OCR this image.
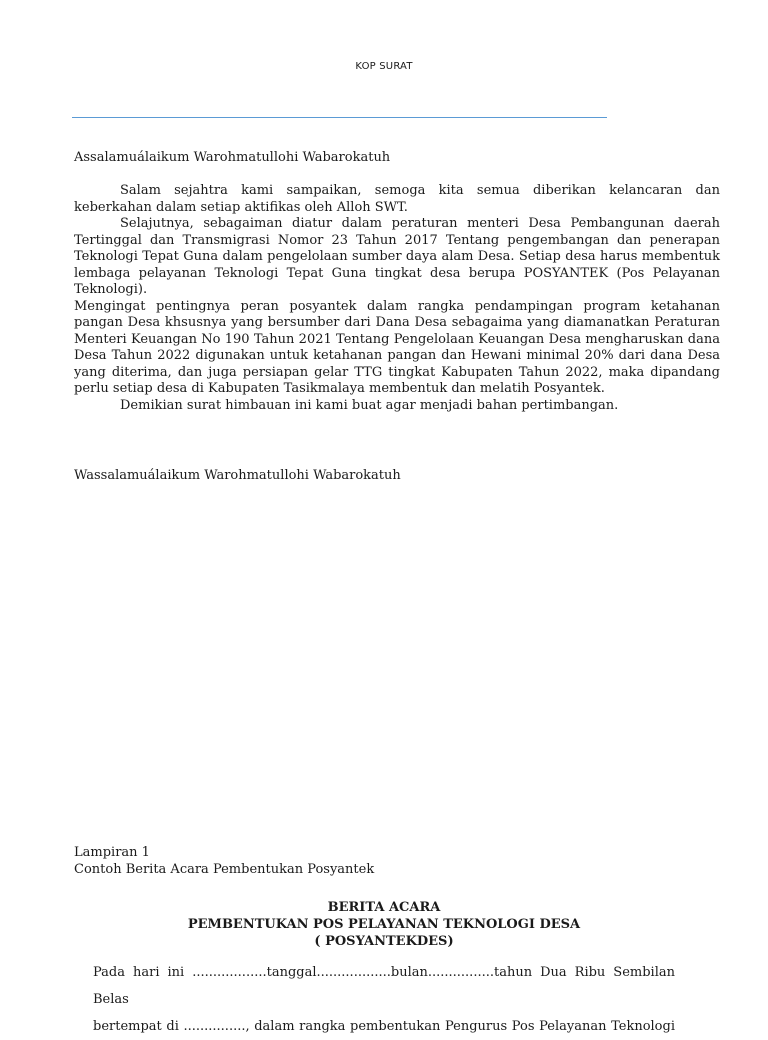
KOP SURAT
Assalamuálaikum Warohmatullohi Wabarokatuh

Salam sejahtra kami sampaikan, semoga kita semua diberikan kelancaran dan keberkahan dalam setiap aktifikas oleh Alloh SWT.

Selajutnya, sebagaiman diatur dalam peraturan menteri Desa Pembangunan daerah Tertinggal dan Transmigrasi Nomor 23 Tahun 2017 Tentang pengembangan dan penerapan Teknologi Tepat Guna dalam pengelolaan sumber daya alam Desa. Setiap desa harus membentuk lembaga pelayanan Teknologi Tepat Guna tingkat desa berupa POSYANTEK (Pos Pelayanan Teknologi).

Mengingat pentingnya peran posyantek dalam rangka pendampingan program ketahanan pangan Desa khsusnya yang bersumber dari Dana Desa sebagaima yang diamanatkan Peraturan Menteri Keuangan No 190 Tahun 2021 Tentang Pengelolaan Keuangan Desa mengharuskan dana Desa Tahun 2022 digunakan untuk ketahanan pangan dan Hewani minimal 20% dari dana Desa yang diterima, dan juga persiapan gelar TTG tingkat Kabupaten Tahun 2022, maka dipandang perlu setiap desa di Kabupaten Tasikmalaya membentuk dan melatih Posyantek.

Demikian surat himbauan ini kami buat agar menjadi bahan pertimbangan.

Wassalamuálaikum Warohmatullohi Wabarokatuh

Lampiran 1

Contoh Berita Acara Pembentukan Posyantek

BERITA ACARA
PEMBENTUKAN POS PELAYANAN TEKNOLOGI DESA
( POSYANTEKDES)
Pada hari ini ..................tanggal..................bulan................tahun Dua Ribu Sembilan Belas
bertempat di ..............., dalam rangka pembentukan Pengurus Pos Pelayanan Teknologi
